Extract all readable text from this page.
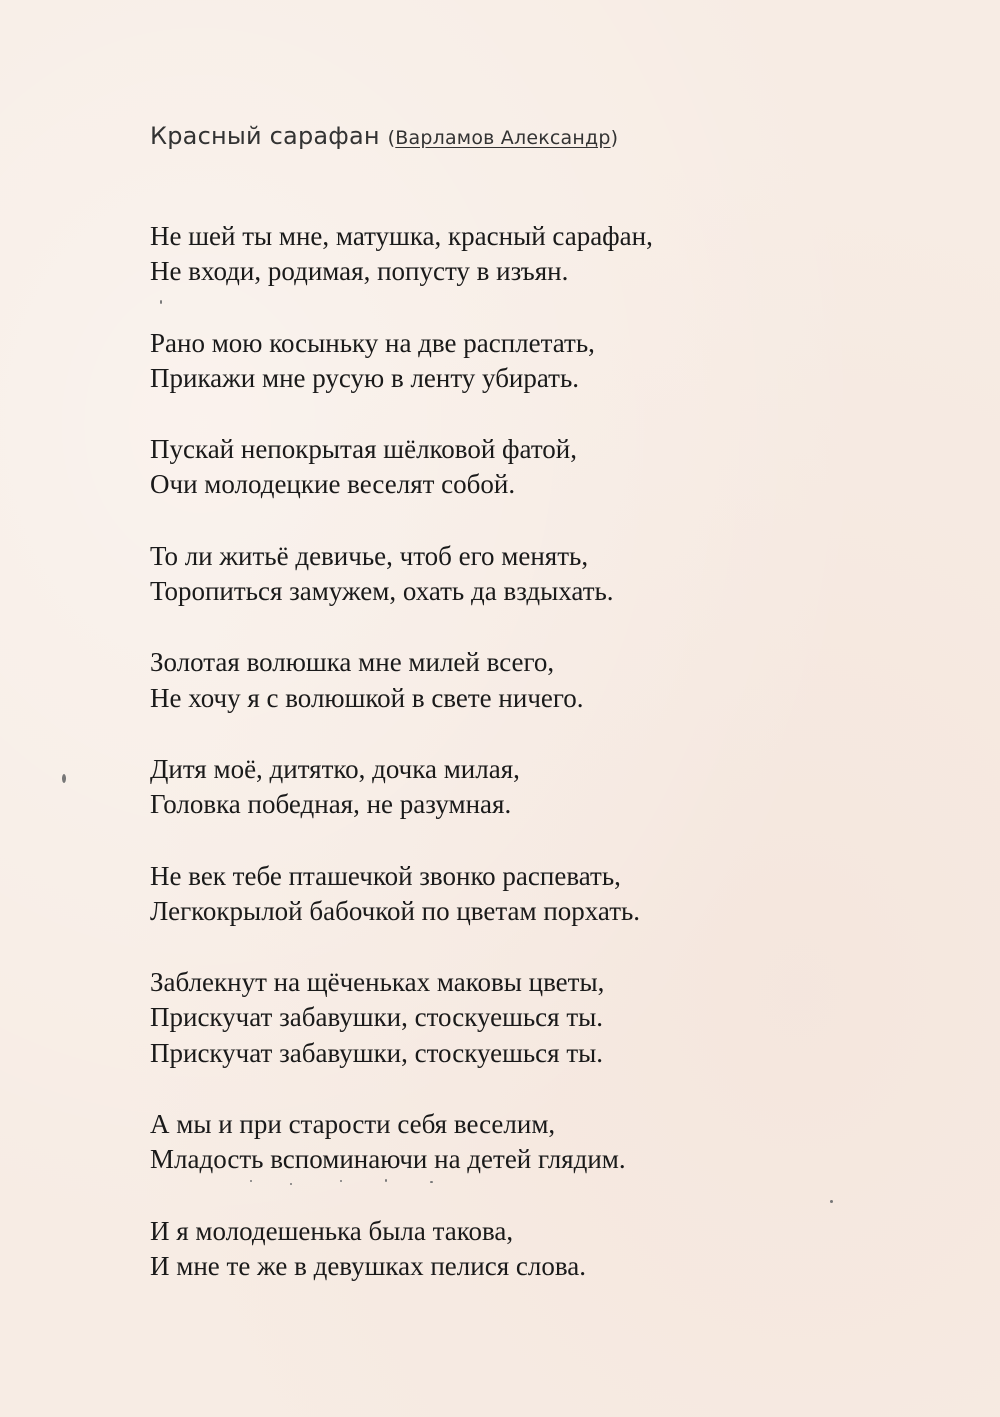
Красный сарафан (Варламов Александр)
Не шей ты мне, матушка, красный сарафан,
Не входи, родимая, попусту в изъян.
Рано мою косыньку на две расплетать,
Прикажи мне русую в ленту убирать.
Пускай непокрытая шёлковой фатой,
Очи молодецкие веселят собой.
То ли житьё девичье, чтоб его менять,
Торопиться замужем, охать да вздыхать.
Золотая волюшка мне милей всего,
Не хочу я с волюшкой в свете ничего.
Дитя моё, дитятко, дочка милая,
Головка победная, не разумная.
Не век тебе пташечкой звонко распевать,
Легкокрылой бабочкой по цветам порхать.
Заблекнут на щёченьках маковы цветы,
Прискучат забавушки, стоскуешься ты.
Прискучат забавушки, стоскуешься ты.
А мы и при старости себя веселим,
Младость вспоминаючи на детей глядим.
И я молодешенька была такова,
И мне те же в девушках пелися слова.
